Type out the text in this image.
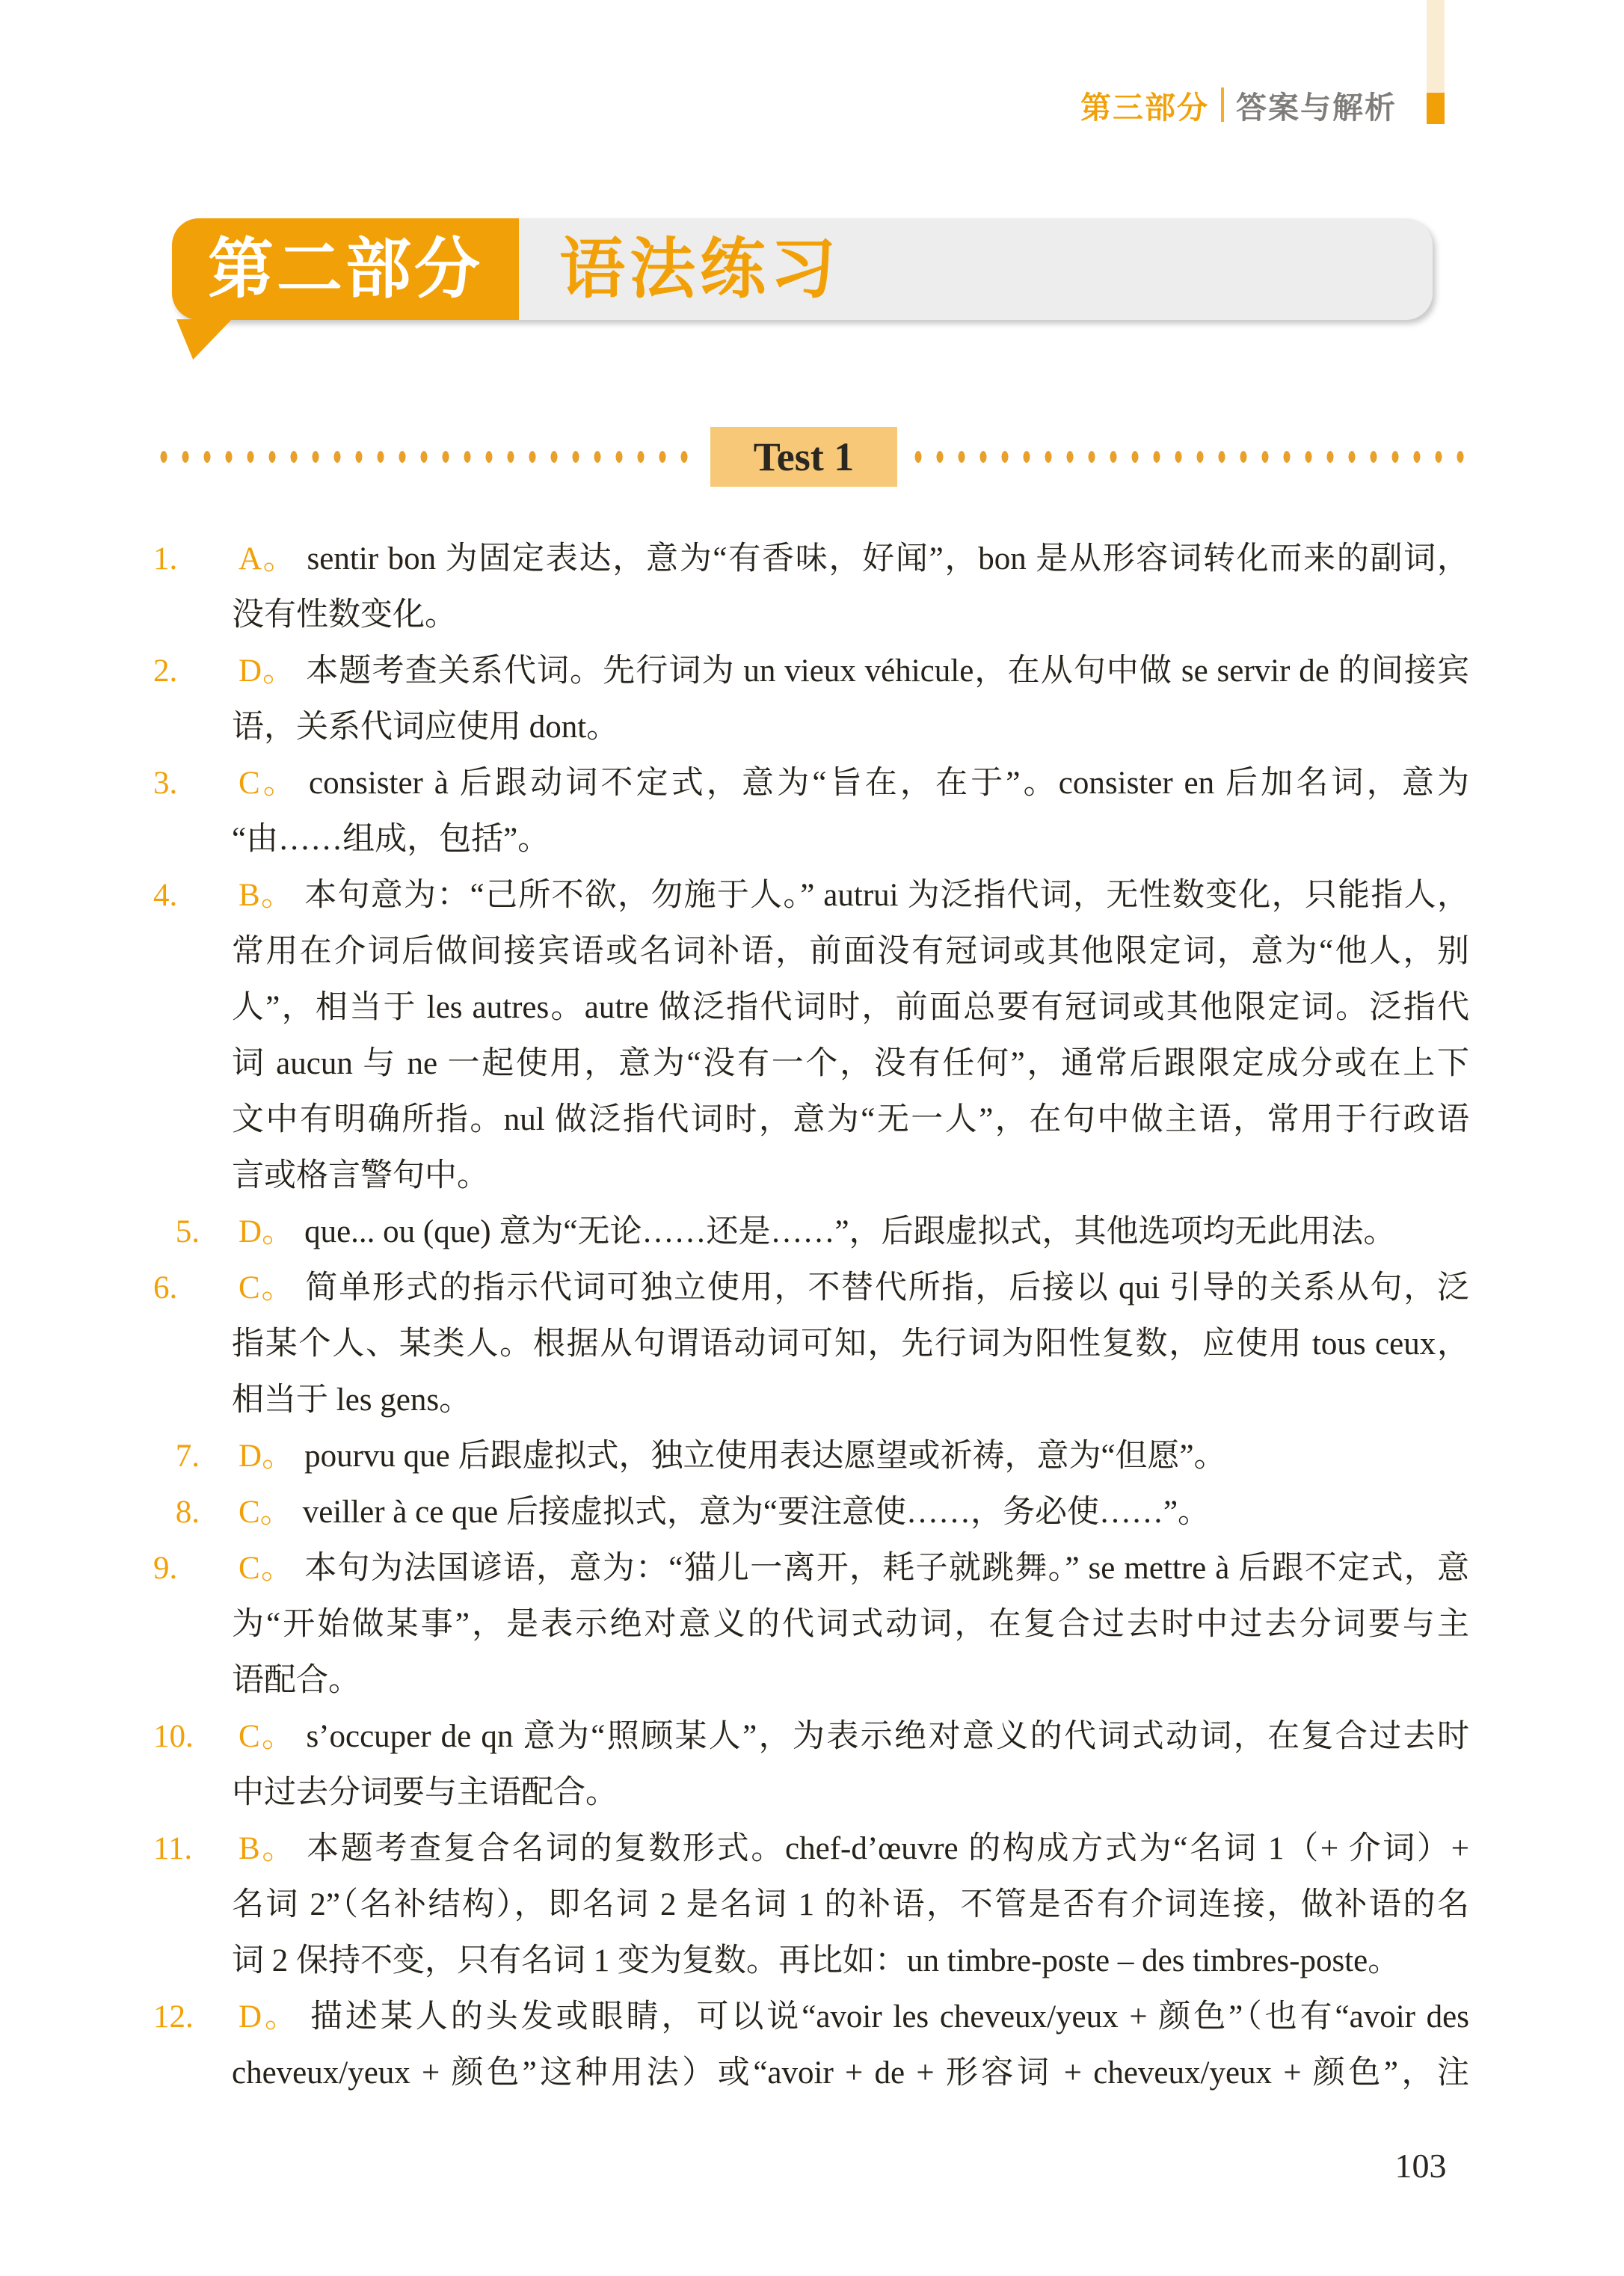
第三部分 答案与解析
第二部分 语法练习
Test 1
1. A。 sentir bon 为固定表达，意为“有香味，好闻”，bon 是从形容词转化而来的副词，
没有性数变化。
2. D。 本题考查关系代词。先行词为 un vieux véhicule，在从句中做 se servir de 的间接宾
语，关系代词应使用 dont。
3. C。 consister à 后跟动词不定式，意为“旨在，在于”。consister en 后加名词，意为
“由……组成，包括”。
4. B。 本句意为：“己所不欲，勿施于人。” autrui 为泛指代词，无性数变化，只能指人，
常用在介词后做间接宾语或名词补语，前面没有冠词或其他限定词，意为“他人，别
人”，相当于 les autres。autre 做泛指代词时，前面总要有冠词或其他限定词。泛指代
词 aucun 与 ne 一起使用，意为“没有一个，没有任何”，通常后跟限定成分或在上下
文中有明确所指。nul 做泛指代词时，意为“无一人”，在句中做主语，常用于行政语
言或格言警句中。
5. D。 que... ou (que) 意为“无论……还是……”，后跟虚拟式，其他选项均无此用法。
6. C。 简单形式的指示代词可独立使用，不替代所指，后接以 qui 引导的关系从句，泛
指某个人、某类人。根据从句谓语动词可知，先行词为阳性复数，应使用 tous ceux，
相当于 les gens。
7. D。 pourvu que 后跟虚拟式，独立使用表达愿望或祈祷，意为“但愿”。
8. C。 veiller à ce que 后接虚拟式，意为“要注意使……，务必使……”。
9. C。 本句为法国谚语，意为：“猫儿一离开，耗子就跳舞。” se mettre à 后跟不定式，意
为“开始做某事”，是表示绝对意义的代词式动词，在复合过去时中过去分词要与主
语配合。
10. C。 s’occuper de qn 意为“照顾某人”，为表示绝对意义的代词式动词，在复合过去时
中过去分词要与主语配合。
11. B。 本题考查复合名词的复数形式。chef-d’œuvre 的构成方式为“名词 1（+ 介词）+
名词 2”（名补结构），即名词 2 是名词 1 的补语，不管是否有介词连接，做补语的名
词 2 保持不变，只有名词 1 变为复数。再比如：un timbre-poste – des timbres-poste。
12. D。 描述某人的头发或眼睛，可以说“avoir les cheveux/yeux + 颜色”（也有“avoir des
cheveux/yeux + 颜色”这种用法）或“avoir + de + 形容词 + cheveux/yeux + 颜色”，注
103
